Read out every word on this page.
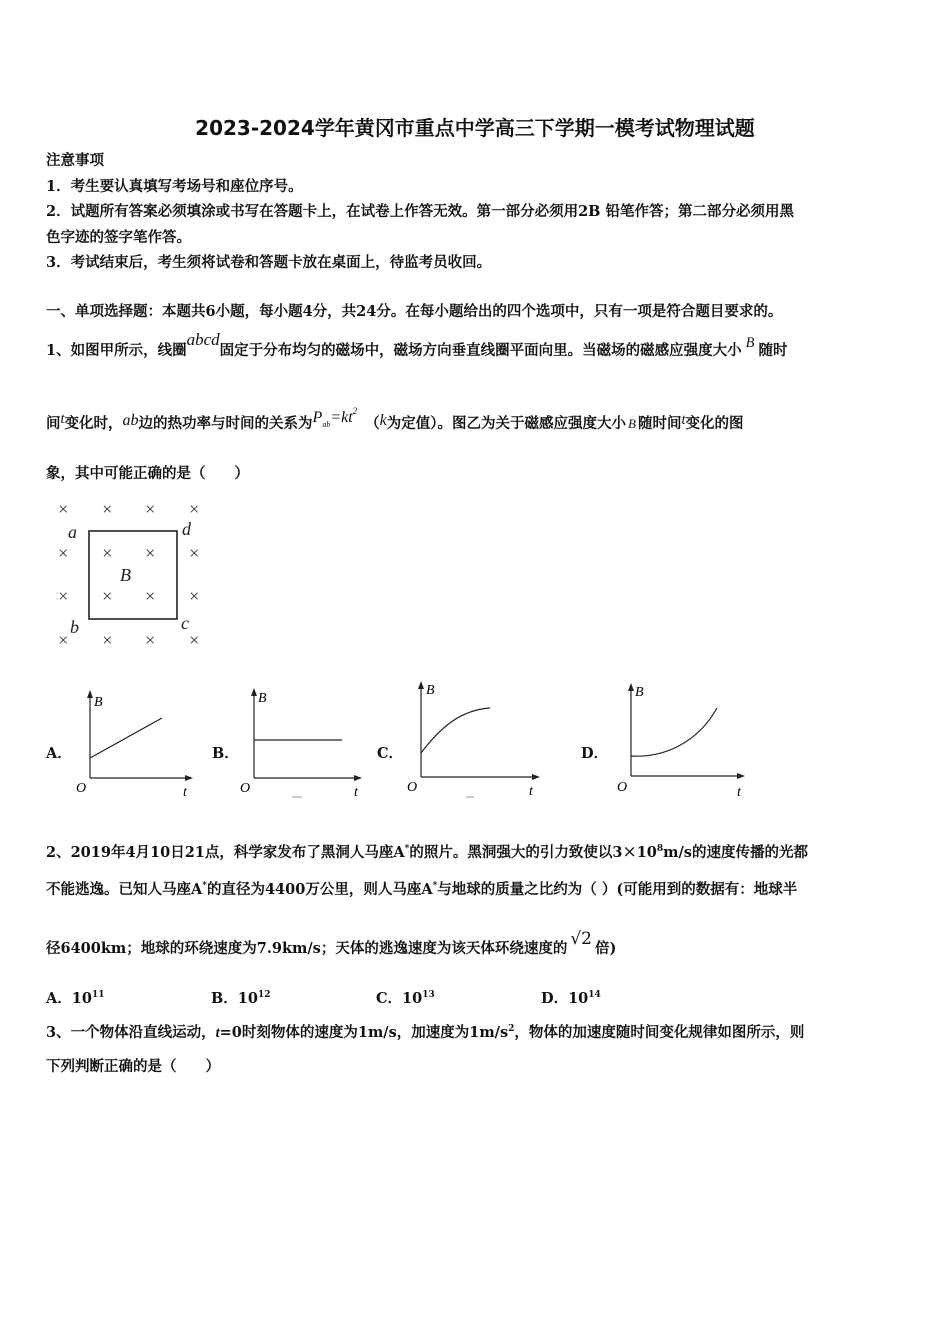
2023-2024学年黄冈市重点中学高三下学期一模考试物理试题
注意事项
1．考生要认真填写考场号和座位序号。
2．试题所有答案必须填涂或书写在答题卡上，在试卷上作答无效。第一部分必须用2B 铅笔作答；第二部分必须用黑
色字迹的签字笔作答。
3．考试结束后，考生须将试卷和答题卡放在桌面上，待监考员收回。
一、单项选择题：本题共6小题，每小题4分，共24分。在每小题给出的四个选项中，只有一项是符合题目要求的。
1、如图甲所示，线圈abcd固定于分布均匀的磁场中，磁场方向垂直线圈平面向里。当磁场的磁感应强度大小 B 随时
间t变化时，ab边的热功率与时间的关系为$Pab=kt^2(k$为定值）。图乙为关于磁感应强度大小 B 随时间t变化的图
象，其中可能正确的是（　　）
× × × ×
× × × ×
× × × ×
× × × ×
a	d
b	c
B
A．
B
t
O
B．
B
t
O
C．
B
t
O
D．
B
t
O
2、2019年4月10日21点，科学家发布了黑洞人马座A*的照片。黑洞强大的引力致使以$3\times 10^8m/s$的速度传播的光都
不能逃逸。已知人马座A*的直径为4400万公里，则人马座A*与地球的质量之比约为（ ）(可能用到的数据有：地球半
径6400km；地球的环绕速度为7.9km/s；天体的逃逸速度为该天体环绕速度的 √2 倍)
A．$10^{11}$	B．$10^{12}$	C．$10^{13}$	D．$10^{14}$
3、一个物体沿直线运动，t=0时刻物体的速度为1m/s，加速度为$1m/s^2$，物体的加速度随时间变化规律如图所示，则
下列判断正确的是（　　）
